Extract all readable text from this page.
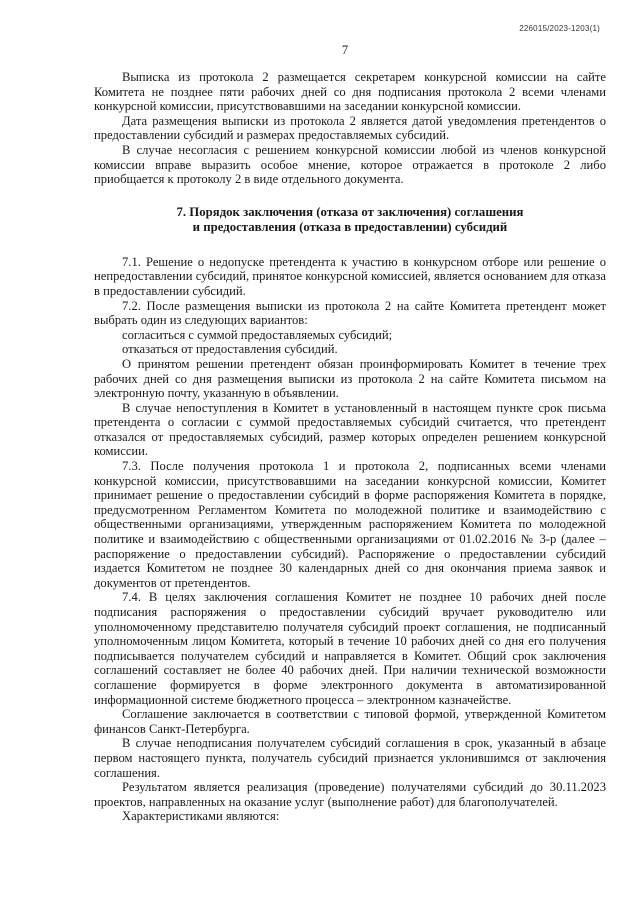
226015/2023-1203(1)
7

Выписка из протокола 2 размещается секретарем конкурсной комиссии на сайте Комитета не позднее пяти рабочих дней со дня подписания протокола 2 всеми членами конкурсной комиссии, присутствовавшими на заседании конкурсной комиссии.

Дата размещения выписки из протокола 2 является датой уведомления претендентов о предоставлении субсидий и размерах предоставляемых субсидий.

В случае несогласия с решением конкурсной комиссии любой из членов конкурсной комиссии вправе выразить особое мнение, которое отражается в протоколе 2 либо приобщается к протоколу 2 в виде отдельного документа.

7. Порядок заключения (отказа от заключения) соглашения
и предоставления (отказа в предоставлении) субсидий

7.1. Решение о недопуске претендента к участию в конкурсном отборе или решение о непредоставлении субсидий, принятое конкурсной комиссией, является основанием для отказа в предоставлении субсидий.

7.2. После размещения выписки из протокола 2 на сайте Комитета претендент может выбрать один из следующих вариантов:

согласиться с суммой предоставляемых субсидий;

отказаться от предоставления субсидий.

О принятом решении претендент обязан проинформировать Комитет в течение трех рабочих дней со дня размещения выписки из протокола 2 на сайте Комитета письмом на электронную почту, указанную в объявлении.

В случае непоступления в Комитет в установленный в настоящем пункте срок письма претендента о согласии с суммой предоставляемых субсидий считается, что претендент отказался от предоставляемых субсидий, размер которых определен решением конкурсной комиссии.

7.3. После получения протокола 1 и протокола 2, подписанных всеми членами конкурсной комиссии, присутствовавшими на заседании конкурсной комиссии, Комитет принимает решение о предоставлении субсидий в форме распоряжения Комитета в порядке, предусмотренном Регламентом Комитета по молодежной политике и взаимодействию с общественными организациями, утвержденным распоряжением Комитета по молодежной политике и взаимодействию с общественными организациями от 01.02.2016 № 3-р (далее – распоряжение о предоставлении субсидий). Распоряжение о предоставлении субсидий издается Комитетом не позднее 30 календарных дней со дня окончания приема заявок и документов от претендентов.

7.4. В целях заключения соглашения Комитет не позднее 10 рабочих дней после подписания распоряжения о предоставлении субсидий вручает руководителю или уполномоченному представителю получателя субсидий проект соглашения, не подписанный уполномоченным лицом Комитета, который в течение 10 рабочих дней со дня его получения подписывается получателем субсидий и направляется в Комитет. Общий срок заключения соглашений составляет не более 40 рабочих дней. При наличии технической возможности соглашение формируется в форме электронного документа в автоматизированной информационной системе бюджетного процесса – электронном казначействе.

Соглашение заключается в соответствии с типовой формой, утвержденной Комитетом финансов Санкт-Петербурга.

В случае неподписания получателем субсидий соглашения в срок, указанный в абзаце первом настоящего пункта, получатель субсидий признается уклонившимся от заключения соглашения.

Результатом является реализация (проведение) получателями субсидий до 30.11.2023 проектов, направленных на оказание услуг (выполнение работ) для благополучателей.

Характеристиками являются:
